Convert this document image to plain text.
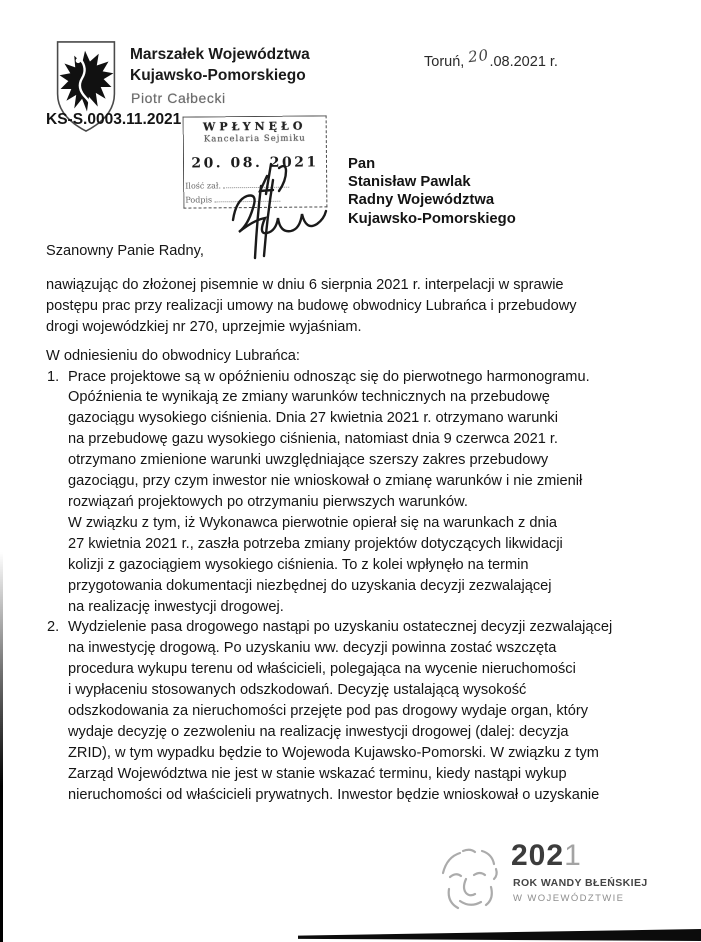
Marszałek Województwa
Kujawsko-Pomorskiego
Piotr Całbecki
Toruń, 20.08.2021 r.
KS-S.0003.11.2021	WPŁYNĘŁO
Kancelaria Sejmiku
20. 08. 2021
Ilość zał.
Podpis
Pan
Stanisław Pawlak
Radny Województwa
Kujawsko-Pomorskiego
Szanowny Panie Radny,
nawiązując do złożonej pisemnie w dniu 6 sierpnia 2021 r. interpelacji w sprawie
postępu prac przy realizacji umowy na budowę obwodnicy Lubrańca i przebudowy
drogi wojewódzkiej nr 270, uprzejmie wyjaśniam.
W odniesieniu do obwodnicy Lubrańca:
1. Prace projektowe są w opóźnieniu odnosząc się do pierwotnego harmonogramu.
Opóźnienia te wynikają ze zmiany warunków technicznych na przebudowę
gazociągu wysokiego ciśnienia. Dnia 27 kwietnia 2021 r. otrzymano warunki
na przebudowę gazu wysokiego ciśnienia, natomiast dnia 9 czerwca 2021 r.
otrzymano zmienione warunki uwzględniające szerszy zakres przebudowy
gazociągu, przy czym inwestor nie wnioskował o zmianę warunków i nie zmienił
rozwiązań projektowych po otrzymaniu pierwszych warunków.
W związku z tym, iż Wykonawca pierwotnie opierał się na warunkach z dnia
27 kwietnia 2021 r., zaszła potrzeba zmiany projektów dotyczących likwidacji
kolizji z gazociągiem wysokiego ciśnienia. To z kolei wpłynęło na termin
przygotowania dokumentacji niezbędnej do uzyskania decyzji zezwalającej
na realizację inwestycji drogowej.
2. Wydzielenie pasa drogowego nastąpi po uzyskaniu ostatecznej decyzji zezwalającej
na inwestycję drogową. Po uzyskaniu ww. decyzji powinna zostać wszczęta
procedura wykupu terenu od właścicieli, polegająca na wycenie nieruchomości
i wypłaceniu stosowanych odszkodowań. Decyzję ustalającą wysokość
odszkodowania za nieruchomości przejęte pod pas drogowy wydaje organ, który
wydaje decyzję o zezwoleniu na realizację inwestycji drogowej (dalej: decyzja
ZRID), w tym wypadku będzie to Wojewoda Kujawsko-Pomorski. W związku z tym
Zarząd Województwa nie jest w stanie wskazać terminu, kiedy nastąpi wykup
nieruchomości od właścicieli prywatnych. Inwestor będzie wnioskował o uzyskanie
2021
ROK WANDY BŁEŃSKIEJ
W WOJEWÓDZTWIE
